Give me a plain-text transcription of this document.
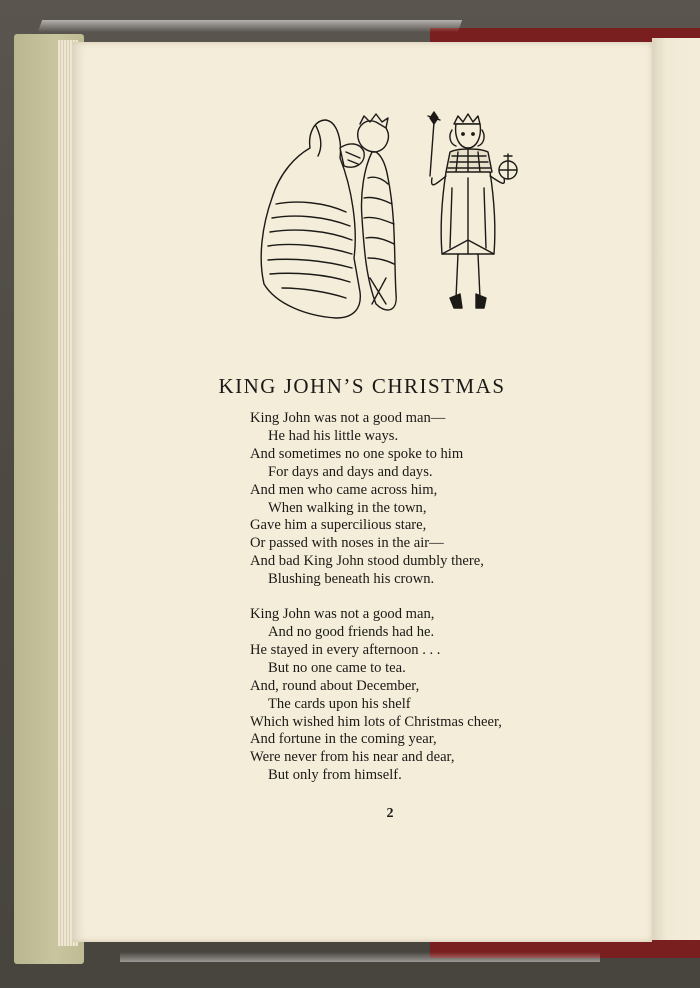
KING JOHN’S CHRISTMAS
King John was not a good man—
He had his little ways.
And sometimes no one spoke to him
For days and days and days.
And men who came across him,
When walking in the town,
Gave him a supercilious stare,
Or passed with noses in the air—
And bad King John stood dumbly there,
Blushing beneath his crown.
King John was not a good man,
And no good friends had he.
He stayed in every afternoon . . .
But no one came to tea.
And, round about December,
The cards upon his shelf
Which wished him lots of Christmas cheer,
And fortune in the coming year,
Were never from his near and dear,
But only from himself.
2
